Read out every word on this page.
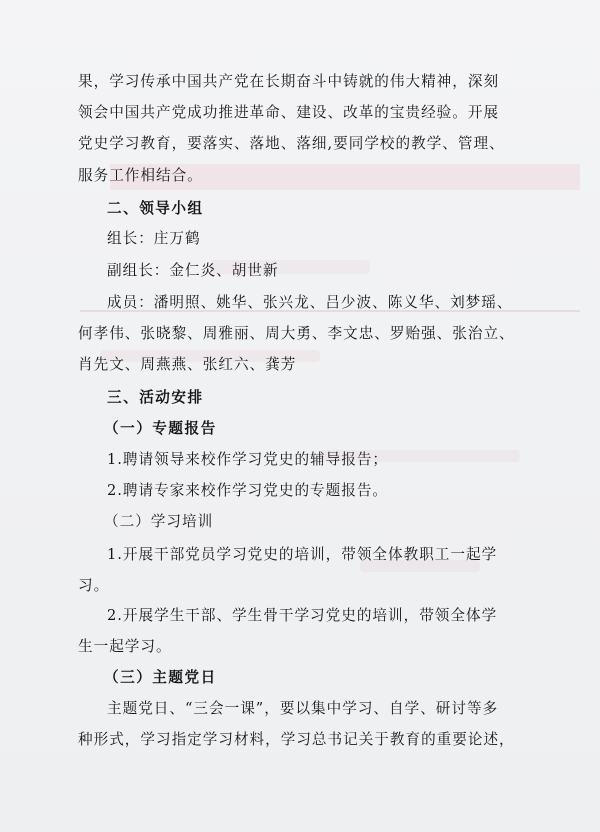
果，学习传承中国共产党在长期奋斗中铸就的伟大精神，深刻
领会中国共产党成功推进革命、建设、改革的宝贵经验。开展
党史学习教育，要落实、落地、落细,要同学校的教学、管理、
服务工作相结合。
二、领导小组
组长：庄万鹤
副组长：金仁炎、胡世新
成员：潘明照、姚华、张兴龙、吕少波、陈义华、刘梦瑶、
何孝伟、张晓黎、周雅丽、周大勇、李文忠、罗贻强、张治立、
肖先文、周燕燕、张红六、龚芳
三、活动安排
（一）专题报告
1.聘请领导来校作学习党史的辅导报告；
2.聘请专家来校作学习党史的专题报告。
（二）学习培训
1.开展干部党员学习党史的培训，带领全体教职工一起学
习。
2.开展学生干部、学生骨干学习党史的培训，带领全体学
生一起学习。
（三）主题党日
主题党日、“三会一课”，要以集中学习、自学、研讨等多
种形式，学习指定学习材料，学习总书记关于教育的重要论述，
